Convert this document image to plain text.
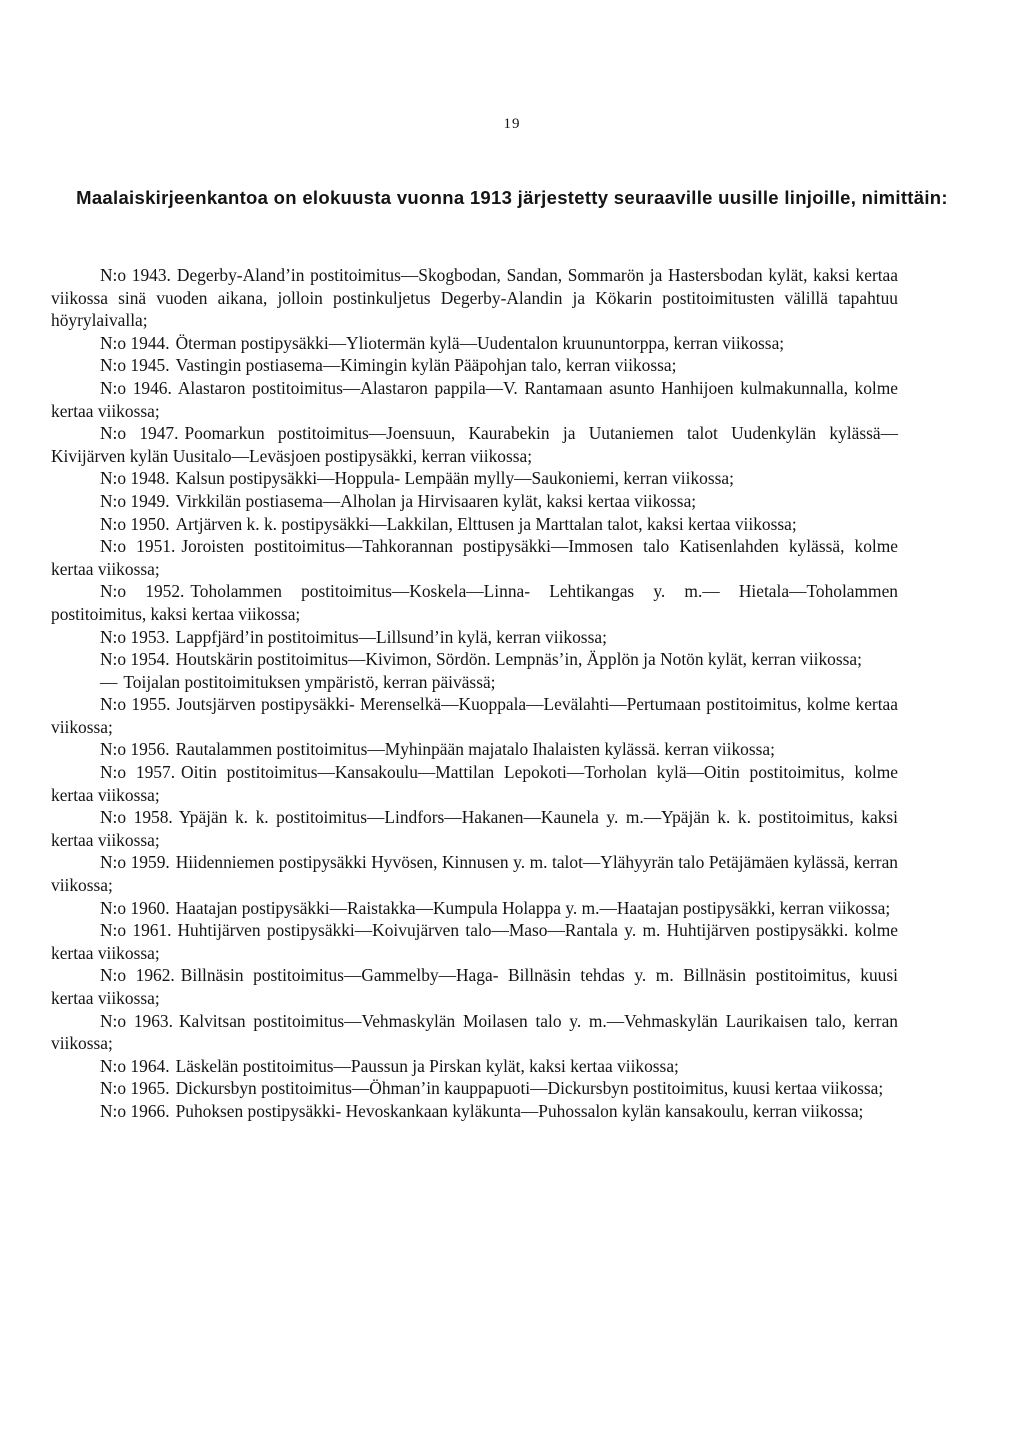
19
Maalaiskirjeenkantoa on elokuusta vuonna 1913 järjestetty seuraaville uusille linjoille, nimittäin:

N:o 1943. Degerby-Aland’in postitoimitus—Skogbodan, Sandan, Sommarön ja Hastersbodan kylät, kaksi kertaa viikossa sinä vuoden aikana, jolloin postinkuljetus Degerby-Alandin ja Kökarin postitoimitusten välillä tapahtuu höyrylaivalla;

N:o 1944. Öterman postipysäkki—Yliotermän kylä—Uudentalon kruununtorppa, kerran viikossa;

N:o 1945. Vastingin postiasema—Kimingin kylän Pääpohjan talo, kerran viikossa;

N:o 1946. Alastaron postitoimitus—Alastaron pappila—V. Rantamaan asunto Hanhijoen kulmakunnalla, kolme kertaa viikossa;

N:o 1947. Poomarkun postitoimitus—Joensuun, Kaurabekin ja Uutaniemen talot Uudenkylän kylässä—Kivijärven kylän Uusitalo—Leväsjoen postipysäkki, kerran viikossa;

N:o 1948. Kalsun postipysäkki—Hoppula- Lempään mylly—Saukoniemi, kerran viikossa;

N:o 1949. Virkkilän postiasema—Alholan ja Hirvisaaren kylät, kaksi kertaa viikossa;

N:o 1950. Artjärven k. k. postipysäkki—Lakkilan, Elttusen ja Marttalan talot, kaksi kertaa viikossa;

N:o 1951. Joroisten postitoimitus—Tahkorannan postipysäkki—Immosen talo Katisenlahden kylässä, kolme kertaa viikossa;

N:o 1952. Toholammen postitoimitus—Koskela—Linna- Lehtikangas y. m.— Hietala—Toholammen postitoimitus, kaksi kertaa viikossa;

N:o 1953. Lappfjärd’in postitoimitus—Lillsund’in kylä, kerran viikossa;

N:o 1954. Houtskärin postitoimitus—Kivimon, Sördön. Lempnäs’in, Äpplön ja Notön kylät, kerran viikossa;

— Toijalan postitoimituksen ympäristö, kerran päivässä;

N:o 1955. Joutsjärven postipysäkki- Merenselkä—Kuoppala—Levälahti—Pertumaan postitoimitus, kolme kertaa viikossa;

N:o 1956. Rautalammen postitoimitus—Myhinpään majatalo Ihalaisten kylässä. kerran viikossa;

N:o 1957. Oitin postitoimitus—Kansakoulu—Mattilan Lepokoti—Torholan kylä—Oitin postitoimitus, kolme kertaa viikossa;

N:o 1958. Ypäjän k. k. postitoimitus—Lindfors—Hakanen—Kaunela y. m.—Ypäjän k. k. postitoimitus, kaksi kertaa viikossa;

N:o 1959. Hiidenniemen postipysäkki Hyvösen, Kinnusen y. m. talot—Ylähyyrän talo Petäjämäen kylässä, kerran viikossa;

N:o 1960. Haatajan postipysäkki—Raistakka—Kumpula Holappa y. m.—Haatajan postipysäkki, kerran viikossa;

N:o 1961. Huhtijärven postipysäkki—Koivujärven talo—Maso—Rantala y. m. Huhtijärven postipysäkki. kolme kertaa viikossa;

N:o 1962. Billnäsin postitoimitus—Gammelby—Haga- Billnäsin tehdas y. m. Billnäsin postitoimitus, kuusi kertaa viikossa;

N:o 1963. Kalvitsan postitoimitus—Vehmaskylän Moilasen talo y. m.—Vehmaskylän Laurikaisen talo, kerran viikossa;

N:o 1964. Läskelän postitoimitus—Paussun ja Pirskan kylät, kaksi kertaa viikossa;

N:o 1965. Dickursbyn postitoimitus—Öhman’in kauppapuoti—Dickursbyn postitoimitus, kuusi kertaa viikossa;

N:o 1966. Puhoksen postipysäkki- Hevoskankaan kyläkunta—Puhossalon kylän kansakoulu, kerran viikossa;
